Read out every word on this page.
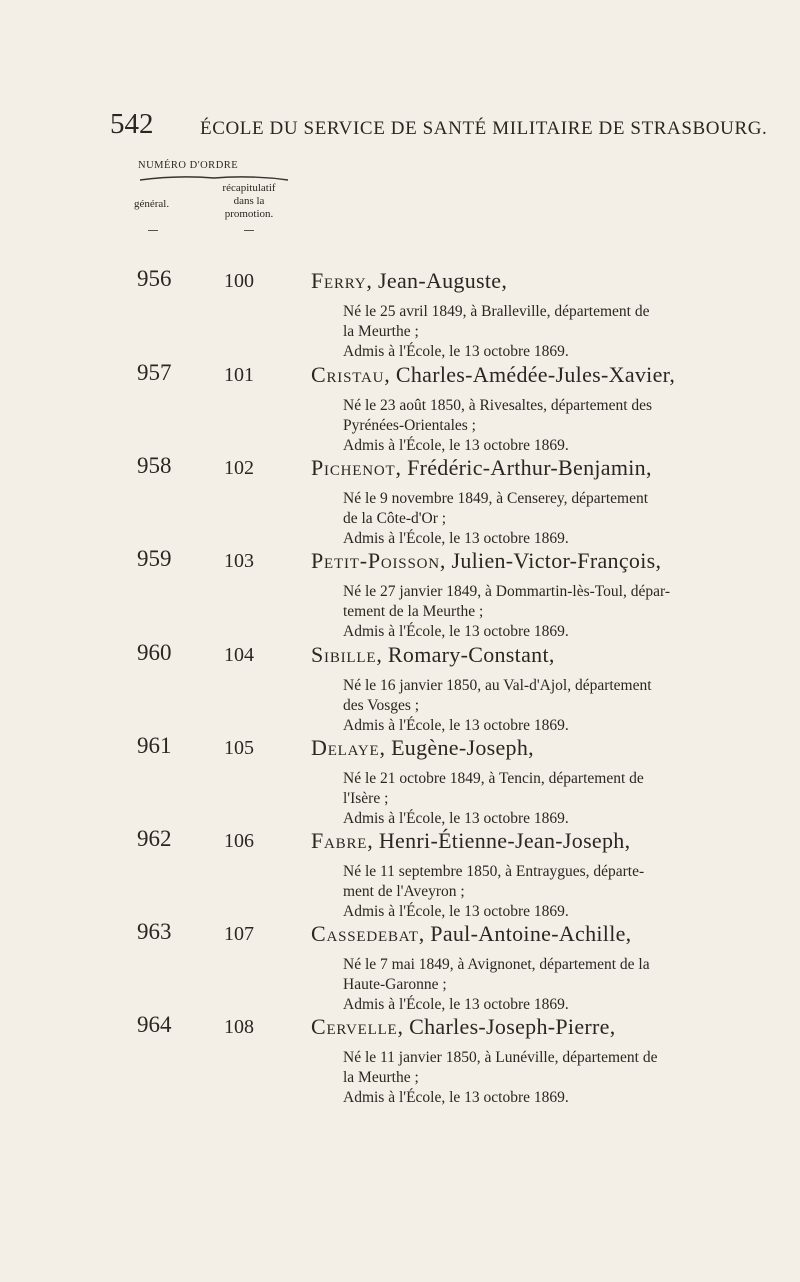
542 ÉCOLE DU SERVICE DE SANTÉ MILITAIRE DE STRASBOURG.
NUMÉRO D'ORDRE
général.
récapitulatif
dans la
promotion.
956	100	Ferry, Jean-Auguste,

Né le 25 avril 1849, à Bralleville, département de

la Meurthe ;

Admis à l'École, le 13 octobre 1869.

957	101	Cristau, Charles-Amédée-Jules-Xavier,

Né le 23 août 1850, à Rivesaltes, département des

Pyrénées-Orientales ;

Admis à l'École, le 13 octobre 1869.

958	102	Pichenot, Frédéric-Arthur-Benjamin,

Né le 9 novembre 1849, à Censerey, département

de la Côte-d'Or ;

Admis à l'École, le 13 octobre 1869.

959	103	Petit-Poisson, Julien-Victor-François,

Né le 27 janvier 1849, à Dommartin-lès-Toul, dépar-

tement de la Meurthe ;

Admis à l'École, le 13 octobre 1869.

960	104	Sibille, Romary-Constant,

Né le 16 janvier 1850, au Val-d'Ajol, département

des Vosges ;

Admis à l'École, le 13 octobre 1869.

961	105	Delaye, Eugène-Joseph,

Né le 21 octobre 1849, à Tencin, département de

l'Isère ;

Admis à l'École, le 13 octobre 1869.

962	106	Fabre, Henri-Étienne-Jean-Joseph,

Né le 11 septembre 1850, à Entraygues, départe-

ment de l'Aveyron ;

Admis à l'École, le 13 octobre 1869.

963	107	Cassedebat, Paul-Antoine-Achille,

Né le 7 mai 1849, à Avignonet, département de la

Haute-Garonne ;

Admis à l'École, le 13 octobre 1869.

964	108	Cervelle, Charles-Joseph-Pierre,

Né le 11 janvier 1850, à Lunéville, département de

la Meurthe ;

Admis à l'École, le 13 octobre 1869.
